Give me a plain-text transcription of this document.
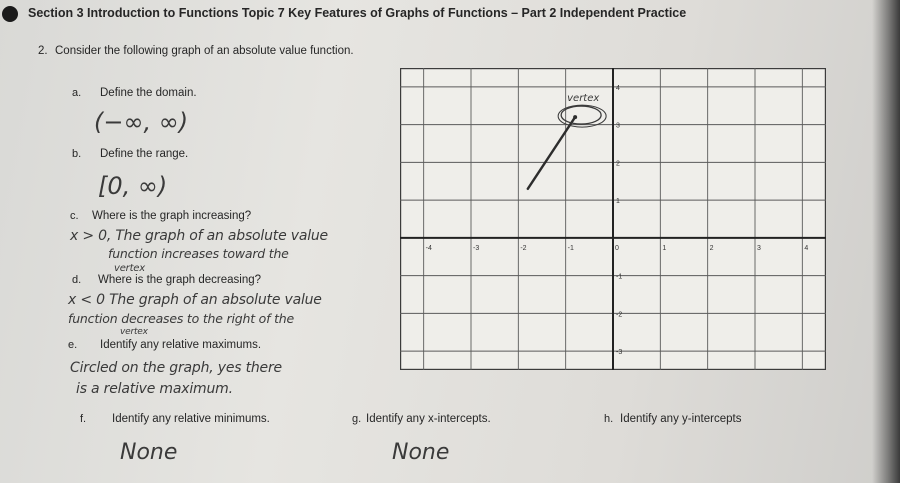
Section 3 Introduction to Functions Topic 7 Key Features of Graphs of Functions – Part 2 Independent Practice
2. Consider the following graph of an absolute value function.
a. Define the domain.
(−∞, ∞)
b. Define the range.
[0, ∞)
c. Where is the graph increasing?
x > 0, The graph of an absolute value
function increases toward the
vertex
d. Where is the graph decreasing?
x < 0 The graph of an absolute value
function decreases to the right of the
vertex
e. Identify any relative maximums.
Circled on the graph, yes there
is a relative maximum.
f. Identify any relative minimums.
None
g. Identify any x-intercepts.
None
h. Identify any y-intercepts
-4	-3	-2	-1	0	1	2	3	4
4
3
2
1
-1
-2
-3
vertex
